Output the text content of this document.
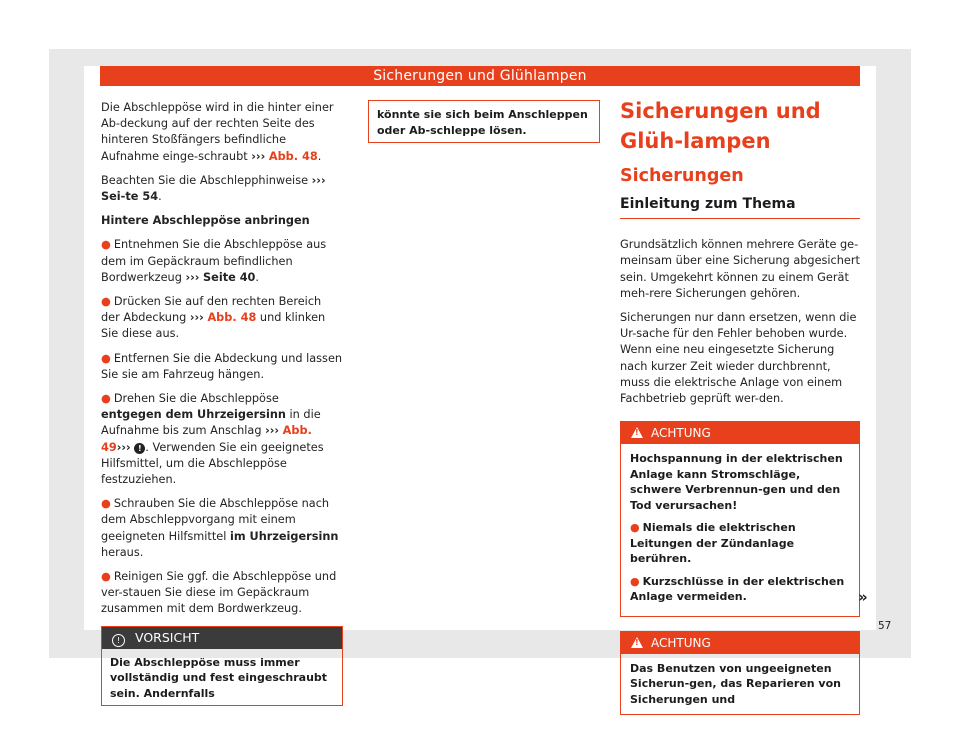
Sicherungen und Glühlampen

Die Abschleppöse wird in die hinter einer Ab-deckung auf der rechten Seite des hinteren Stoßfängers befindliche Aufnahme einge-schraubt ››› Abb. 48.

Beachten Sie die Abschlepphinweise ››› Sei-te 54.

Hintere Abschleppöse anbringen

● Entnehmen Sie die Abschleppöse aus dem im Gepäckraum befindlichen Bordwerkzeug ››› Seite 40.

● Drücken Sie auf den rechten Bereich der Abdeckung ››› Abb. 48 und klinken Sie diese aus.

● Entfernen Sie die Abdeckung und lassen Sie sie am Fahrzeug hängen.

● Drehen Sie die Abschleppöse entgegen dem Uhrzeigersinn in die Aufnahme bis zum Anschlag ››› Abb. 49››› ! . Verwenden Sie ein geeignetes Hilfsmittel, um die Abschleppöse festzuziehen.

● Schrauben Sie die Abschleppöse nach dem Abschleppvorgang mit einem geeigneten Hilfsmittel im Uhrzeigersinn heraus.

● Reinigen Sie ggf. die Abschleppöse und ver-stauen Sie diese im Gepäckraum zusammen mit dem Bordwerkzeug.

! VORSICHT
Die Abschleppöse muss immer vollständig und fest eingeschraubt sein. Andernfalls
könnte sie sich beim Anschleppen oder Ab-schleppe lösen.
Sicherungen und Glüh-lampen
Sicherungen
Einleitung zum Thema

Grundsätzlich können mehrere Geräte ge-meinsam über eine Sicherung abgesichert sein. Umgekehrt können zu einem Gerät meh-rere Sicherungen gehören.

Sicherungen nur dann ersetzen, wenn die Ur-sache für den Fehler behoben wurde. Wenn eine neu eingesetzte Sicherung nach kurzer Zeit wieder durchbrennt, muss die elektrische Anlage von einem Fachbetrieb geprüft wer-den.

!ACHTUNG

Hochspannung in der elektrischen Anlage kann Stromschläge, schwere Verbrennun-gen und den Tod verursachen!

● Niemals die elektrischen Leitungen der Zündanlage berühren.

● Kurzschlüsse in der elektrischen Anlage vermeiden.

!ACHTUNG

Das Benutzen von ungeeigneten Sicherun-gen, das Reparieren von Sicherungen und

»
57
